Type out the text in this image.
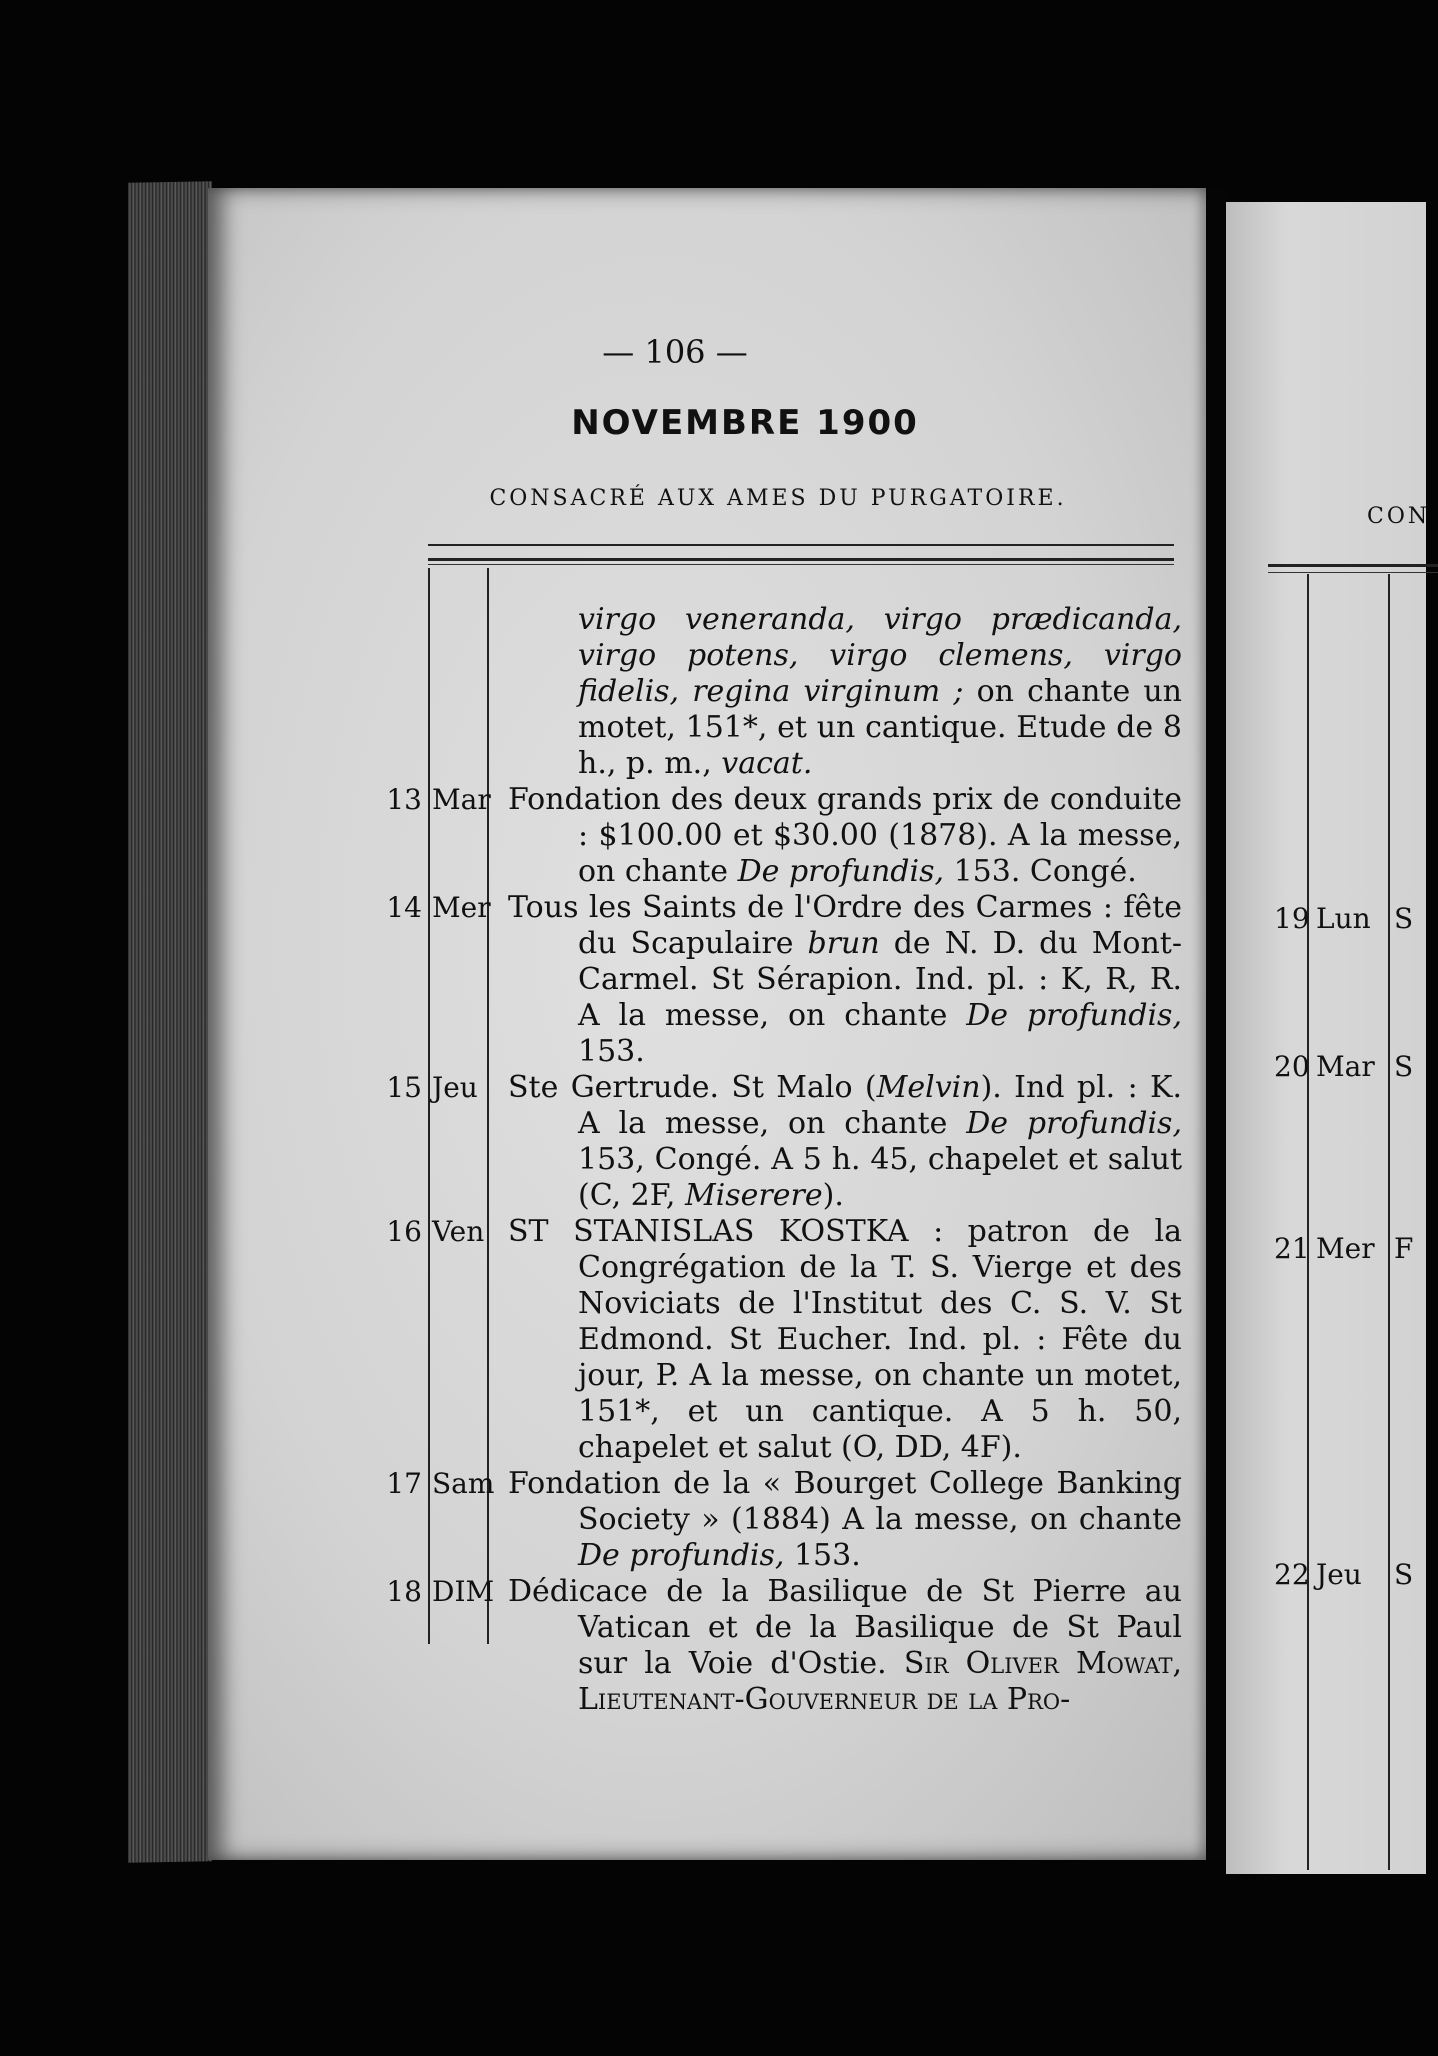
CON
19 Lun S
20 Mar S
21 Mer F
22 Jeu S
— 106 —
NOVEMBRE 1900
CONSACRÉ AUX AMES DU PURGATOIRE.
virgo veneranda, virgo prædicanda, virgo potens, virgo clemens, virgo fidelis, regina virginum ; on chante un motet, 151*, et un cantique. Etude de 8 h., p. m., vacat.
13 Mar Fondation des deux grands prix de conduite : $100.00 et $30.00 (1878). A la messe, on chante De profundis, 153. Congé.
14 Mer Tous les Saints de l'Ordre des Carmes : fête du Scapulaire brun de N. D. du Mont-Carmel. St Sérapion. Ind. pl. : K, R, R. A la messe, on chante De profundis, 153.
15 Jeu	Ste Gertrude. St Malo (Melvin). Ind pl. : K. A la messe, on chante De profundis, 153, Congé. A 5 h. 45, chapelet et salut (C, 2F, Miserere).
16 Ven ST STANISLAS KOSTKA : patron de la Congrégation de la T. S. Vierge et des Noviciats de l'Institut des C. S. V. St Edmond. St Eucher. Ind. pl. : Fête du jour, P. A la messe, on chante un motet, 151*, et un cantique. A 5 h. 50, chapelet et salut (O, DD, 4F).
17 Sam Fondation de la « Bourget College Banking Society » (1884) A la messe, on chante De profundis, 153.
18 DIM Dédicace de la Basilique de St Pierre au Vatican et de la Basilique de St Paul sur la Voie d'Ostie. Sir Oliver Mowat, Lieutenant-Gouverneur de la Pro-
